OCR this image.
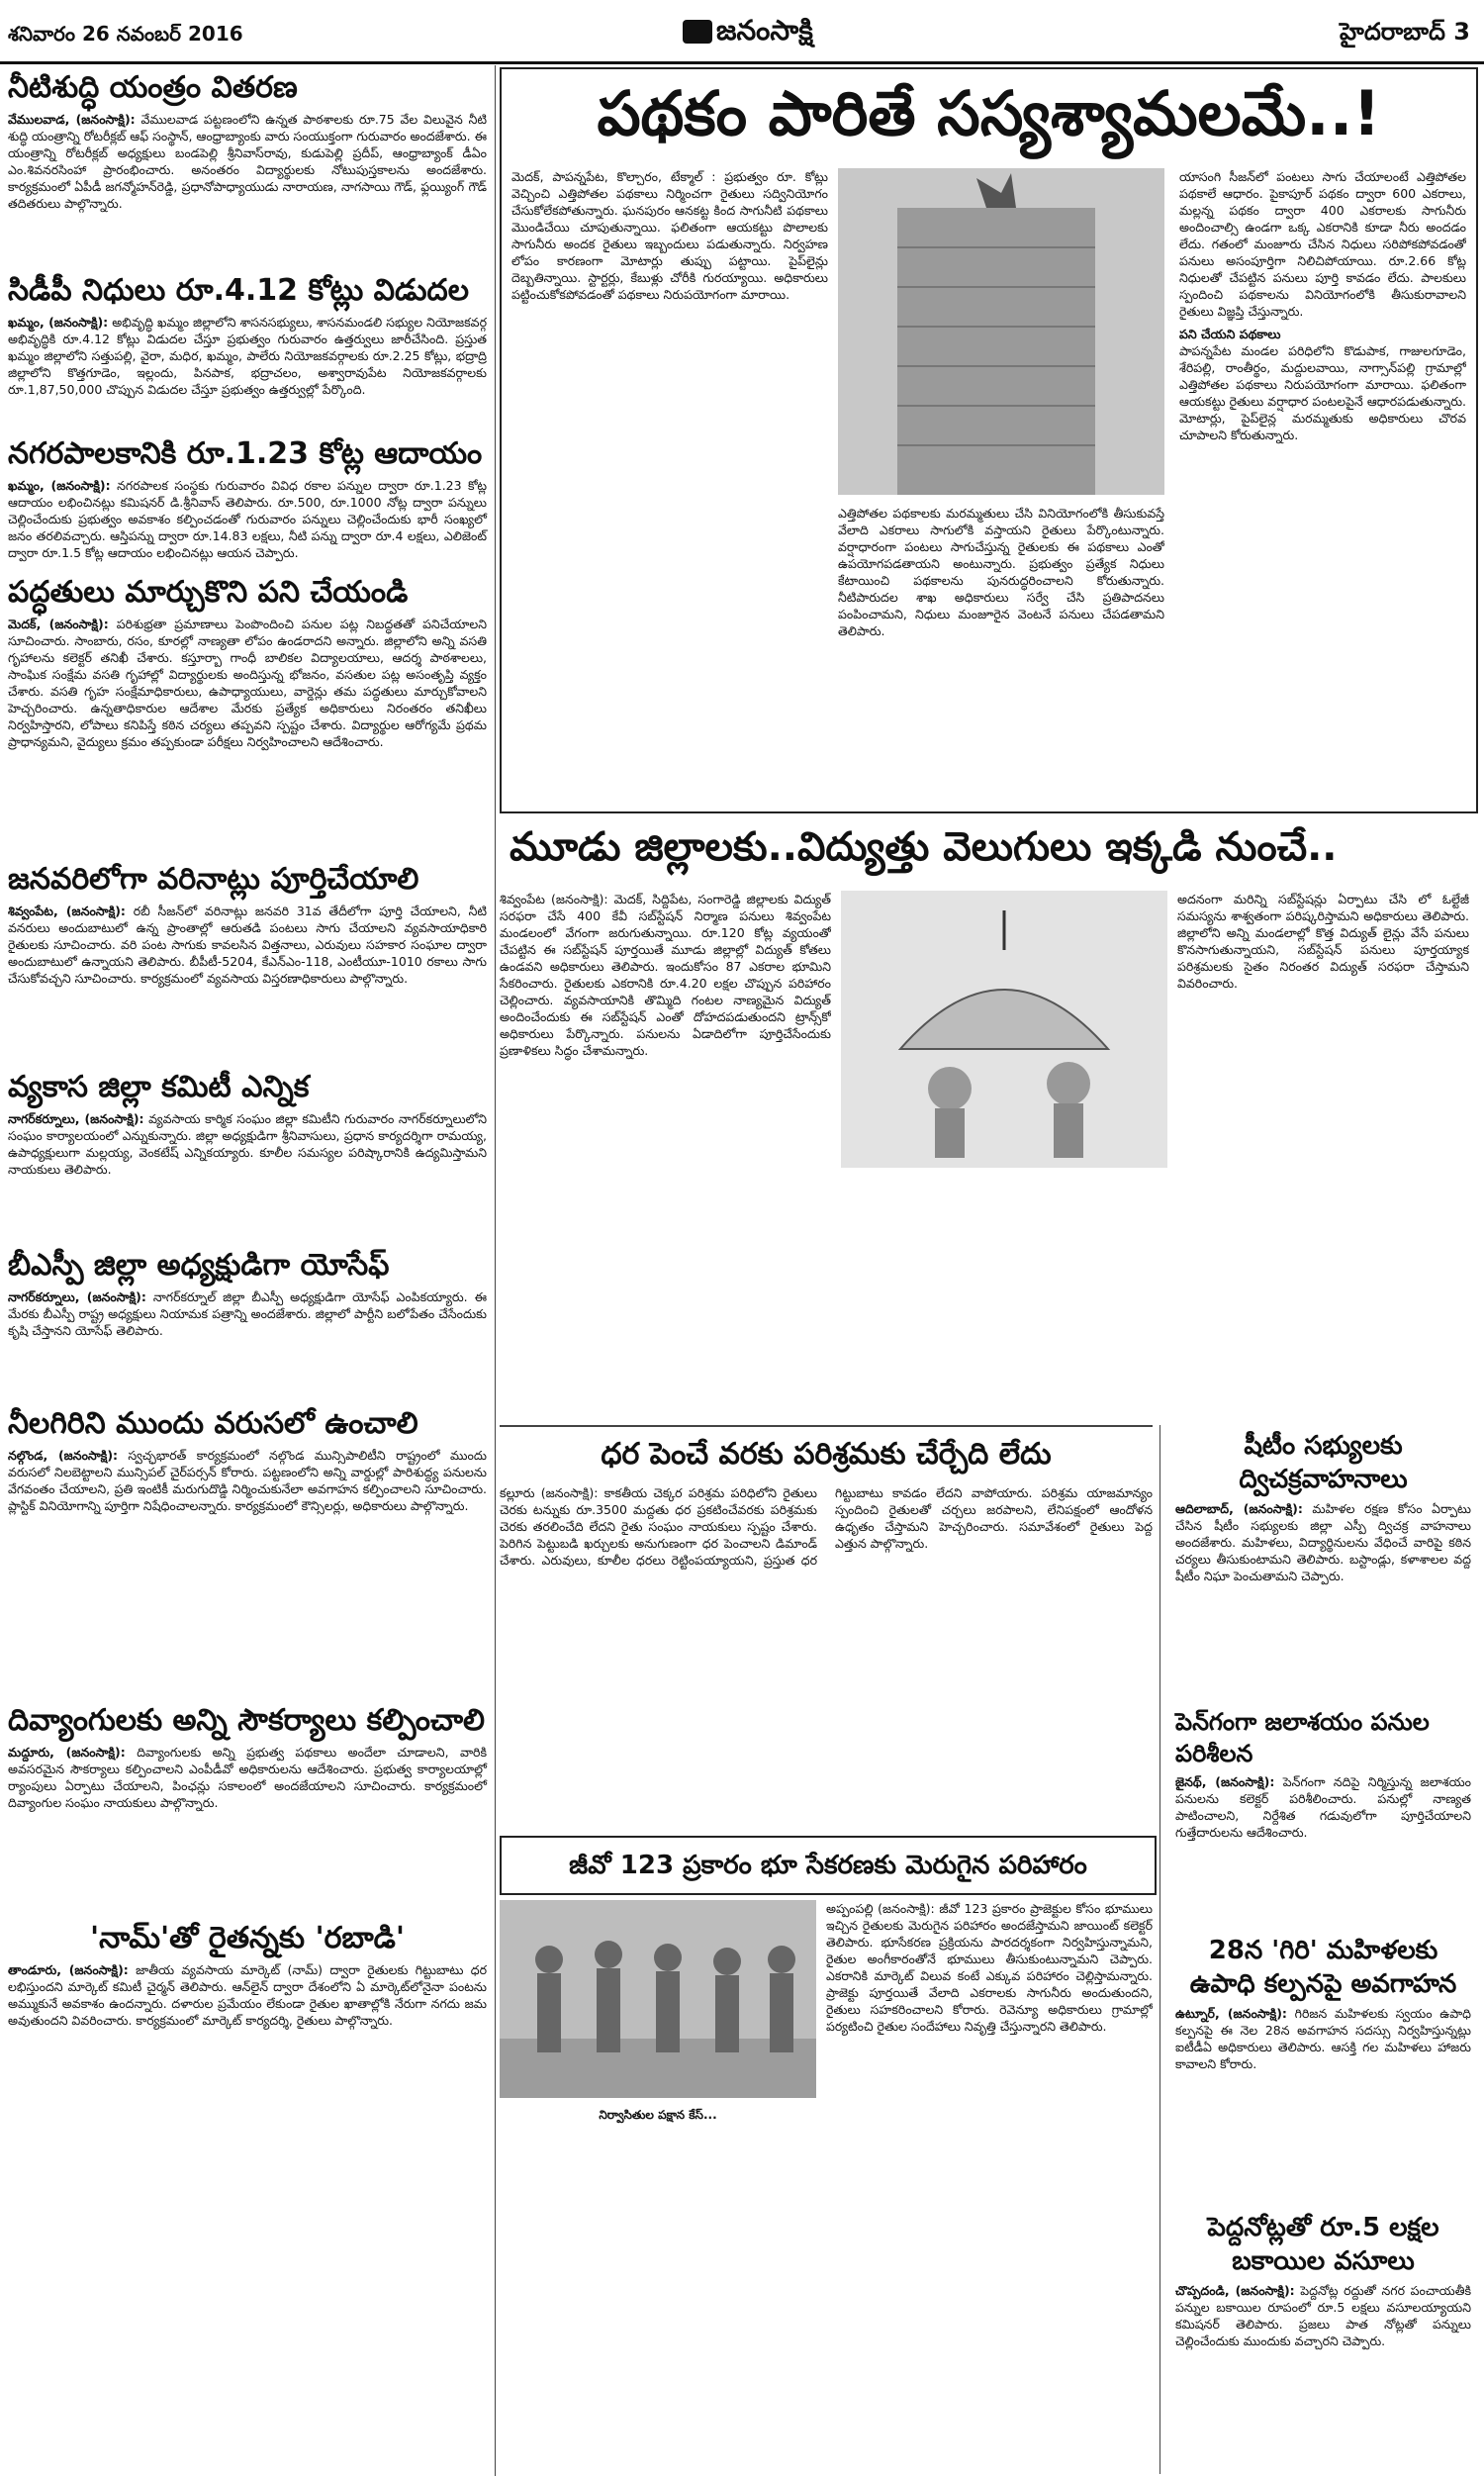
శనివారం 26 నవంబర్ 2016	జనంసాక్షి	హైదరాబాద్ 3
నీటిశుద్ధి యంత్రం వితరణ
వేములవాడ, (జనంసాక్షి): వేములవాడ పట్టణంలోని ఉన్నత పాఠశాలకు రూ.75 వేల విలువైన నీటి శుద్ధి యంత్రాన్ని రోటరీక్లబ్ ఆఫ్ సంస్థాన్, ఆంధ్రాబ్యాంకు వారు సంయుక్తంగా గురువారం అందజేశారు. ఈ యంత్రాన్ని రోటరీక్లబ్ అధ్యక్షులు బండపెల్లి శ్రీనివాస్‌రావు, కుడుపెల్లి ప్రదీప్, ఆంధ్రాబ్యాంక్ డీఏం ఎం.శివనరసింహా ప్రారంభించారు. అనంతరం విద్యార్థులకు నోటుపుస్తకాలను అందజేశారు. కార్యక్రమంలో ఏపీడీ జగన్మోహన్‌రెడ్డి, ప్రధానోపాధ్యాయుడు నారాయణ, నాగసాయి గౌడ్, ఫ్లయ్యింగ్‌ గౌడ్ తదితరులు పాల్గొన్నారు.
సిడీపీ నిధులు రూ.4.12 కోట్లు విడుదల
ఖమ్మం, (జనంసాక్షి): అభివృద్ధి ఖమ్మం జిల్లాలోని శాసనసభ్యులు, శాసనమండలి సభ్యుల నియోజకవర్గ అభివృద్ధికి రూ.4.12 కోట్లు విడుదల చేస్తూ ప్రభుత్వం గురువారం ఉత్తర్వులు జారీచేసింది. ప్రస్తుత ఖమ్మం జిల్లాలోని సత్తుపల్లి, వైరా, మధిర, ఖమ్మం, పాలేరు నియోజకవర్గాలకు రూ.2.25 కోట్లు, భద్రాద్రి జిల్లాలోని కొత్తగూడెం, ఇల్లందు, పినపాక, భద్రాచలం, అశ్వారావుపేట నియోజకవర్గాలకు రూ.1,87,50,000 చొప్పున విడుదల చేస్తూ ప్రభుత్వం ఉత్తర్వుల్లో పేర్కొంది.
నగరపాలకానికి రూ.1.23 కోట్ల ఆదాయం
ఖమ్మం, (జనంసాక్షి): నగరపాలక సంస్థకు గురువారం వివిధ రకాల పన్నుల ద్వారా రూ.1.23 కోట్ల ఆదాయం లభించినట్లు కమిషనర్ డి.శ్రీనివాస్ తెలిపారు. రూ.500, రూ.1000 నోట్ల ద్వారా పన్నులు చెల్లించేందుకు ప్రభుత్వం అవకాశం కల్పించడంతో గురువారం పన్నులు చెల్లించేందుకు భారీ సంఖ్యలో జనం తరలివచ్చారు. ఆస్తిపన్ను ద్వారా రూ.14.83 లక్షలు, నీటి పన్ను ద్వారా రూ.4 లక్షలు, ఎలిజెంట్ ద్వారా రూ.1.5 కోట్ల ఆదాయం లభించినట్లు ఆయన చెప్పారు.
పద్ధతులు మార్చుకొని పని చేయండి
మెదక్, (జనంసాక్షి): పరిశుభ్రతా ప్రమాణాలు పెంపొందించి పనుల పట్ల నిబద్ధతతో పనిచేయాలని సూచించారు. సాంబారు, రసం, కూరల్లో నాణ్యతా లోపం ఉండరాదని అన్నారు. జిల్లాలోని అన్ని వసతి గృహాలను కలెక్టర్ తనిఖీ చేశారు. కస్తూర్బా గాంధీ బాలికల విద్యాలయాలు, ఆదర్శ పాఠశాలలు, సాంఘిక సంక్షేమ వసతి గృహాల్లో విద్యార్థులకు అందిస్తున్న భోజనం, వసతుల పట్ల అసంతృప్తి వ్యక్తం చేశారు. వసతి గృహ సంక్షేమాధికారులు, ఉపాధ్యాయులు, వార్డెన్లు తమ పద్ధతులు మార్చుకోవాలని హెచ్చరించారు. ఉన్నతాధికారుల ఆదేశాల మేరకు ప్రత్యేక అధికారులు నిరంతరం తనిఖీలు నిర్వహిస్తారని, లోపాలు కనిపిస్తే కఠిన చర్యలు తప్పవని స్పష్టం చేశారు. విద్యార్థుల ఆరోగ్యమే ప్రథమ ప్రాధాన్యమని, వైద్యులు క్రమం తప్పకుండా పరీక్షలు నిర్వహించాలని ఆదేశించారు.
జనవరిలోగా వరినాట్లు పూర్తిచేయాలి
శివ్వంపేట, (జనంసాక్షి): రబీ సీజన్‌లో వరినాట్లు జనవరి 31వ తేదీలోగా పూర్తి చేయాలని, నీటి వనరులు అందుబాటులో ఉన్న ప్రాంతాల్లో ఆరుతడి పంటలు సాగు చేయాలని వ్యవసాయాధికారి రైతులకు సూచించారు. వరి పంట సాగుకు కావలసిన విత్తనాలు, ఎరువులు సహకార సంఘాల ద్వారా అందుబాటులో ఉన్నాయని తెలిపారు. బీపీటీ-5204, కేఎన్ఎం-118, ఎంటీయూ-1010 రకాలు సాగు చేసుకోవచ్చని సూచించారు. కార్యక్రమంలో వ్యవసాయ విస్తరణాధికారులు పాల్గొన్నారు.
వ్యకాస జిల్లా కమిటీ ఎన్నిక
నాగర్‌కర్నూలు, (జనంసాక్షి): వ్యవసాయ కార్మిక సంఘం జిల్లా కమిటీని గురువారం నాగర్‌కర్నూలులోని సంఘం కార్యాలయంలో ఎన్నుకున్నారు. జిల్లా అధ్యక్షుడిగా శ్రీనివాసులు, ప్రధాన కార్యదర్శిగా రామయ్య, ఉపాధ్యక్షులుగా మల్లయ్య, వెంకటేష్ ఎన్నికయ్యారు. కూలీల సమస్యల పరిష్కారానికి ఉద్యమిస్తామని నాయకులు తెలిపారు.
బీఎస్పీ జిల్లా అధ్యక్షుడిగా యోసేఫ్
నాగర్‌కర్నూలు, (జనంసాక్షి): నాగర్‌కర్నూల్ జిల్లా బీఎస్పీ అధ్యక్షుడిగా యోసేఫ్ ఎంపికయ్యారు. ఈ మేరకు బీఎస్పీ రాష్ట్ర అధ్యక్షులు నియామక పత్రాన్ని అందజేశారు. జిల్లాలో పార్టీని బలోపేతం చేసేందుకు కృషి చేస్తానని యోసేఫ్ తెలిపారు.
నీలగిరిని ముందు వరుసలో ఉంచాలి
నల్గొండ, (జనంసాక్షి): స్వచ్ఛభారత్ కార్యక్రమంలో నల్గొండ మున్సిపాలిటీని రాష్ట్రంలో ముందు వరుసలో నిలబెట్టాలని మున్సిపల్ చైర్‌పర్సన్ కోరారు. పట్టణంలోని అన్ని వార్డుల్లో పారిశుద్ధ్య పనులను వేగవంతం చేయాలని, ప్రతి ఇంటికీ మరుగుదొడ్డి నిర్మించుకునేలా అవగాహన కల్పించాలని సూచించారు. ప్లాస్టిక్ వినియోగాన్ని పూర్తిగా నిషేధించాలన్నారు. కార్యక్రమంలో కౌన్సిలర్లు, అధికారులు పాల్గొన్నారు.
దివ్యాంగులకు అన్ని సౌకర్యాలు కల్పించాలి
మద్దూరు, (జనంసాక్షి): దివ్యాంగులకు అన్ని ప్రభుత్వ పథకాలు అందేలా చూడాలని, వారికి అవసరమైన సౌకర్యాలు కల్పించాలని ఎంపీడీవో అధికారులను ఆదేశించారు. ప్రభుత్వ కార్యాలయాల్లో ర్యాంపులు ఏర్పాటు చేయాలని, పింఛన్లు సకాలంలో అందజేయాలని సూచించారు. కార్యక్రమంలో దివ్యాంగుల సంఘం నాయకులు పాల్గొన్నారు.
'నామ్'తో రైతన్నకు 'రబాడి'
తాండూరు, (జనంసాక్షి): జాతీయ వ్యవసాయ మార్కెట్ (నామ్) ద్వారా రైతులకు గిట్టుబాటు ధర లభిస్తుందని మార్కెట్ కమిటీ చైర్మన్ తెలిపారు. ఆన్‌లైన్ ద్వారా దేశంలోని ఏ మార్కెట్‌లోనైనా పంటను అమ్ముకునే అవకాశం ఉందన్నారు. దళారుల ప్రమేయం లేకుండా రైతుల ఖాతాల్లోకి నేరుగా నగదు జమ అవుతుందని వివరించారు. కార్యక్రమంలో మార్కెట్ కార్యదర్శి, రైతులు పాల్గొన్నారు.
పథకం పారితే సస్యశ్యామలమే..!
మెదక్, పాపన్నపేట, కొల్చారం, టేక్మాల్ : ప్రభుత్వం రూ. కోట్లు వెచ్చించి ఎత్తిపోతల పథకాలు నిర్మించగా రైతులు సద్వినియోగం చేసుకోలేకపోతున్నారు. ఘనపురం ఆనకట్ట కింద సాగునీటి పథకాలు మొండిచేయి చూపుతున్నాయి. ఫలితంగా ఆయకట్టు పొలాలకు సాగునీరు అందక రైతులు ఇబ్బందులు పడుతున్నారు. నిర్వహణ లోపం కారణంగా మోటార్లు తుప్పు పట్టాయి. పైప్‌లైన్లు దెబ్బతిన్నాయి. స్టార్టర్లు, కేబుళ్లు చోరీకి గురయ్యాయి. అధికారులు పట్టించుకోకపోవడంతో పథకాలు నిరుపయోగంగా మారాయి.
ఎత్తిపోతల పథకాలకు మరమ్మతులు చేసి వినియోగంలోకి తీసుకువస్తే వేలాది ఎకరాలు సాగులోకి వస్తాయని రైతులు పేర్కొంటున్నారు. వర్షాధారంగా పంటలు సాగుచేస్తున్న రైతులకు ఈ పథకాలు ఎంతో ఉపయోగపడతాయని అంటున్నారు. ప్రభుత్వం ప్రత్యేక నిధులు కేటాయించి పథకాలను పునరుద్ధరించాలని కోరుతున్నారు. నీటిపారుదల శాఖ అధికారులు సర్వే చేసి ప్రతిపాదనలు పంపించామని, నిధులు మంజూరైన వెంటనే పనులు చేపడతామని తెలిపారు.
యాసంగి సీజన్‌లో పంటలు సాగు చేయాలంటే ఎత్తిపోతల పథకాలే ఆధారం. పైకాపూర్ పథకం ద్వారా 600 ఎకరాలు, మల్లన్న పథకం ద్వారా 400 ఎకరాలకు సాగునీరు అందించాల్సి ఉండగా ఒక్క ఎకరానికి కూడా నీరు అందడం లేదు. గతంలో మంజూరు చేసిన నిధులు సరిపోకపోవడంతో పనులు అసంపూర్తిగా నిలిచిపోయాయి. రూ.2.66 కోట్ల నిధులతో చేపట్టిన పనులు పూర్తి కావడం లేదు. పాలకులు స్పందించి పథకాలను వినియోగంలోకి తీసుకురావాలని రైతులు విజ్ఞప్తి చేస్తున్నారు.
పని చేయని పథకాలు
పాపన్నపేట మండల పరిధిలోని కొడుపాక, గాజులగూడెం, శేరిపల్లి, రాంతీర్థం, మద్దులవాయి, నాగ్సాన్‌పల్లి గ్రామాల్లో ఎత్తిపోతల పథకాలు నిరుపయోగంగా మారాయి. ఫలితంగా ఆయకట్టు రైతులు వర్షాధార పంటలపైనే ఆధారపడుతున్నారు. మోటార్లు, పైప్‌లైన్ల మరమ్మతుకు అధికారులు చొరవ చూపాలని కోరుతున్నారు.
మూడు జిల్లాలకు..విద్యుత్తు వెలుగులు ఇక్కడి నుంచే..
శివ్వంపేట (జనంసాక్షి): మెదక్, సిద్దిపేట, సంగారెడ్డి జిల్లాలకు విద్యుత్ సరఫరా చేసే 400 కేవీ సబ్‌స్టేషన్ నిర్మాణ పనులు శివ్వంపేట మండలంలో వేగంగా జరుగుతున్నాయి. రూ.120 కోట్ల వ్యయంతో చేపట్టిన ఈ సబ్‌స్టేషన్ పూర్తయితే మూడు జిల్లాల్లో విద్యుత్ కోతలు ఉండవని అధికారులు తెలిపారు. ఇందుకోసం 87 ఎకరాల భూమిని సేకరించారు. రైతులకు ఎకరానికి రూ.4.20 లక్షల చొప్పున పరిహారం చెల్లించారు. వ్యవసాయానికి తొమ్మిది గంటల నాణ్యమైన విద్యుత్ అందించేందుకు ఈ సబ్‌స్టేషన్ ఎంతో దోహదపడుతుందని ట్రాన్స్‌కో అధికారులు పేర్కొన్నారు. పనులను ఏడాదిలోగా పూర్తిచేసేందుకు ప్రణాళికలు సిద్ధం చేశామన్నారు.
అదనంగా మరిన్ని సబ్‌స్టేషన్లు ఏర్పాటు చేసి లో ఓల్టేజీ సమస్యను శాశ్వతంగా పరిష్కరిస్తామని అధికారులు తెలిపారు. జిల్లాలోని అన్ని మండలాల్లో కొత్త విద్యుత్ లైన్లు వేసే పనులు కొనసాగుతున్నాయని, సబ్‌స్టేషన్ పనులు పూర్తయ్యాక పరిశ్రమలకు సైతం నిరంతర విద్యుత్ సరఫరా చేస్తామని వివరించారు.
ధర పెంచే వరకు పరిశ్రమకు చేర్చేది లేదు
కల్లూరు (జనంసాక్షి): కాకతీయ చెక్కర పరిశ్రమ పరిధిలోని రైతులు చెరకు టన్నుకు రూ.3500 మద్దతు ధర ప్రకటించేవరకు పరిశ్రమకు చెరకు తరలించేది లేదని రైతు సంఘం నాయకులు స్పష్టం చేశారు. పెరిగిన పెట్టుబడి ఖర్చులకు అనుగుణంగా ధర పెంచాలని డిమాండ్ చేశారు. ఎరువులు, కూలీల ధరలు రెట్టింపయ్యాయని, ప్రస్తుత ధర గిట్టుబాటు కావడం లేదని వాపోయారు. పరిశ్రమ యాజమాన్యం స్పందించి రైతులతో చర్చలు జరపాలని, లేనిపక్షంలో ఆందోళన ఉధృతం చేస్తామని హెచ్చరించారు. సమావేశంలో రైతులు పెద్ద ఎత్తున పాల్గొన్నారు.
జీవో 123 ప్రకారం భూ సేకరణకు మెరుగైన పరిహారం
అప్పంపల్లి (జనంసాక్షి): జీవో 123 ప్రకారం ప్రాజెక్టుల కోసం భూములు ఇచ్చిన రైతులకు మెరుగైన పరిహారం అందజేస్తామని జాయింట్ కలెక్టర్ తెలిపారు. భూసేకరణ ప్రక్రియను పారదర్శకంగా నిర్వహిస్తున్నామని, రైతుల అంగీకారంతోనే భూములు తీసుకుంటున్నామని చెప్పారు. ఎకరానికి మార్కెట్ విలువ కంటే ఎక్కువ పరిహారం చెల్లిస్తామన్నారు. ప్రాజెక్టు పూర్తయితే వేలాది ఎకరాలకు సాగునీరు అందుతుందని, రైతులు సహకరించాలని కోరారు. రెవెన్యూ అధికారులు గ్రామాల్లో పర్యటించి రైతుల సందేహాలు నివృత్తి చేస్తున్నారని తెలిపారు.
నిర్వాసితుల పక్షాన కేస్...
షీటీం సభ్యులకు ద్విచక్రవాహనాలు
ఆదిలాబాద్, (జనంసాక్షి): మహిళల రక్షణ కోసం ఏర్పాటు చేసిన షీటీం సభ్యులకు జిల్లా ఎస్పీ ద్విచక్ర వాహనాలు అందజేశారు. మహిళలు, విద్యార్థినులను వేధించే వారిపై కఠిన చర్యలు తీసుకుంటామని తెలిపారు. బస్టాండ్లు, కళాశాలల వద్ద షీటీం నిఘా పెంచుతామని చెప్పారు.
పెన్‌గంగా జలాశయం పనుల పరిశీలన
జైనథ్, (జనంసాక్షి): పెన్‌గంగా నదిపై నిర్మిస్తున్న జలాశయం పనులను కలెక్టర్ పరిశీలించారు. పనుల్లో నాణ్యత పాటించాలని, నిర్దేశిత గడువులోగా పూర్తిచేయాలని గుత్తేదారులను ఆదేశించారు.
28న 'గిరి' మహిళలకు ఉపాధి కల్పనపై అవగాహన
ఉట్నూర్, (జనంసాక్షి): గిరిజన మహిళలకు స్వయం ఉపాధి కల్పనపై ఈ నెల 28న అవగాహన సదస్సు నిర్వహిస్తున్నట్లు ఐటీడీఏ అధికారులు తెలిపారు. ఆసక్తి గల మహిళలు హాజరు కావాలని కోరారు.
పెద్దనోట్లతో రూ.5 లక్షల బకాయిల వసూలు
చొప్పదండి, (జనంసాక్షి): పెద్దనోట్ల రద్దుతో నగర పంచాయతీకి పన్నుల బకాయిల రూపంలో రూ.5 లక్షలు వసూలయ్యాయని కమిషనర్ తెలిపారు. ప్రజలు పాత నోట్లతో పన్నులు చెల్లించేందుకు ముందుకు వచ్చారని చెప్పారు.
